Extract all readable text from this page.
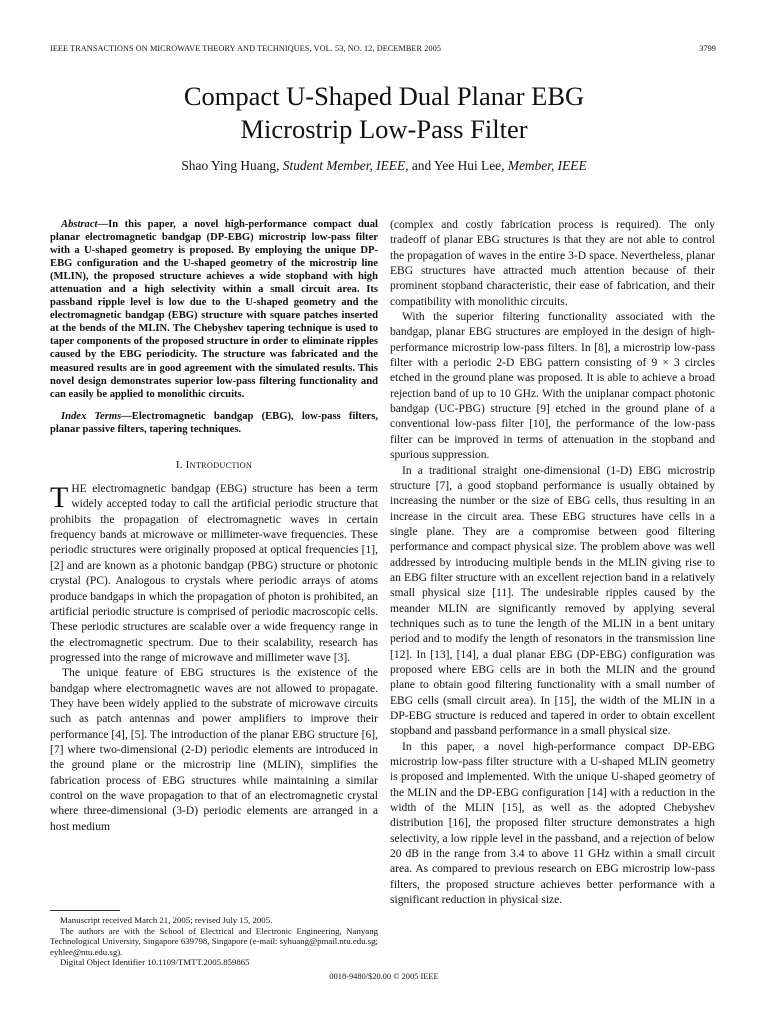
IEEE TRANSACTIONS ON MICROWAVE THEORY AND TECHNIQUES, VOL. 53, NO. 12, DECEMBER 2005	3799
Compact U-Shaped Dual Planar EBG
Microstrip Low-Pass Filter
Shao Ying Huang, Student Member, IEEE, and Yee Hui Lee, Member, IEEE

Abstract—In this paper, a novel high-performance compact dual planar electromagnetic bandgap (DP-EBG) microstrip low-pass filter with a U-shaped geometry is proposed. By employing the unique DP-EBG configuration and the U-shaped geometry of the microstrip line (MLIN), the proposed structure achieves a wide stopband with high attenuation and a high selectivity within a small circuit area. Its passband ripple level is low due to the U-shaped geometry and the electromagnetic bandgap (EBG) structure with square patches inserted at the bends of the MLIN. The Chebyshev tapering technique is used to taper components of the proposed structure in order to eliminate ripples caused by the EBG periodicity. The structure was fabricated and the measured results are in good agreement with the simulated results. This novel design demonstrates superior low-pass filtering functionality and can easily be applied to monolithic circuits.

Index Terms—Electromagnetic bandgap (EBG), low-pass filters, planar passive filters, tapering techniques.

I. INTRODUCTION

THE electromagnetic bandgap (EBG) structure has been a term widely accepted today to call the artificial periodic structure that prohibits the propagation of electromagnetic waves in certain frequency bands at microwave or millimeter-wave frequencies. These periodic structures were originally proposed at optical frequencies [1], [2] and are known as a photonic bandgap (PBG) structure or photonic crystal (PC). Analogous to crystals where periodic arrays of atoms produce bandgaps in which the propagation of photon is prohibited, an artificial periodic structure is comprised of periodic macroscopic cells. These periodic structures are scalable over a wide frequency range in the electromagnetic spectrum. Due to their scalability, research has progressed into the range of microwave and millimeter wave [3].

The unique feature of EBG structures is the existence of the bandgap where electromagnetic waves are not allowed to propagate. They have been widely applied to the substrate of microwave circuits such as patch antennas and power amplifiers to improve their performance [4], [5]. The introduction of the planar EBG structure [6], [7] where two-dimensional (2-D) periodic elements are introduced in the ground plane or the microstrip line (MLIN), simplifies the fabrication process of EBG structures while maintaining a similar control on the wave propagation to that of an electromagnetic crystal where three-dimensional (3-D) periodic elements are arranged in a host medium

Manuscript received March 21, 2005; revised July 15, 2005.

The authors are with the School of Electrical and Electronic Engineering, Nanyang Technological University, Singapore 639798, Singapore (e-mail: syhuang@pmail.ntu.edu.sg; eyhlee@ntu.edu.sg).

Digital Object Identifier 10.1109/TMTT.2005.859865

(complex and costly fabrication process is required). The only tradeoff of planar EBG structures is that they are not able to control the propagation of waves in the entire 3-D space. Nevertheless, planar EBG structures have attracted much attention because of their prominent stopband characteristic, their ease of fabrication, and their compatibility with monolithic circuits.

With the superior filtering functionality associated with the bandgap, planar EBG structures are employed in the design of high-performance microstrip low-pass filters. In [8], a microstrip low-pass filter with a periodic 2-D EBG pattern consisting of 9 × 3 circles etched in the ground plane was proposed. It is able to achieve a broad rejection band of up to 10 GHz. With the uniplanar compact photonic bandgap (UC-PBG) structure [9] etched in the ground plane of a conventional low-pass filter [10], the performance of the low-pass filter can be improved in terms of attenuation in the stopband and spurious suppression.

In a traditional straight one-dimensional (1-D) EBG microstrip structure [7], a good stopband performance is usually obtained by increasing the number or the size of EBG cells, thus resulting in an increase in the circuit area. These EBG structures have cells in a single plane. They are a compromise between good filtering performance and compact physical size. The problem above was well addressed by introducing multiple bends in the MLIN giving rise to an EBG filter structure with an excellent rejection band in a relatively small physical size [11]. The undesirable ripples caused by the meander MLIN are significantly removed by applying several techniques such as to tune the length of the MLIN in a bent unitary period and to modify the length of resonators in the transmission line [12]. In [13], [14], a dual planar EBG (DP-EBG) configuration was proposed where EBG cells are in both the MLIN and the ground plane to obtain good filtering functionality with a small number of EBG cells (small circuit area). In [15], the width of the MLIN in a DP-EBG structure is reduced and tapered in order to obtain excellent stopband and passband performance in a small physical size.

In this paper, a novel high-performance compact DP-EBG microstrip low-pass filter structure with a U-shaped MLIN geometry is proposed and implemented. With the unique U-shaped geometry of the MLIN and the DP-EBG configuration [14] with a reduction in the width of the MLIN [15], as well as the adopted Chebyshev distribution [16], the proposed filter structure demonstrates a high selectivity, a low ripple level in the passband, and a rejection of below 20 dB in the range from 3.4 to above 11 GHz within a small circuit area. As compared to previous research on EBG microstrip low-pass filters, the proposed structure achieves better performance with a significant reduction in physical size.

0018-9480/$20.00 © 2005 IEEE
